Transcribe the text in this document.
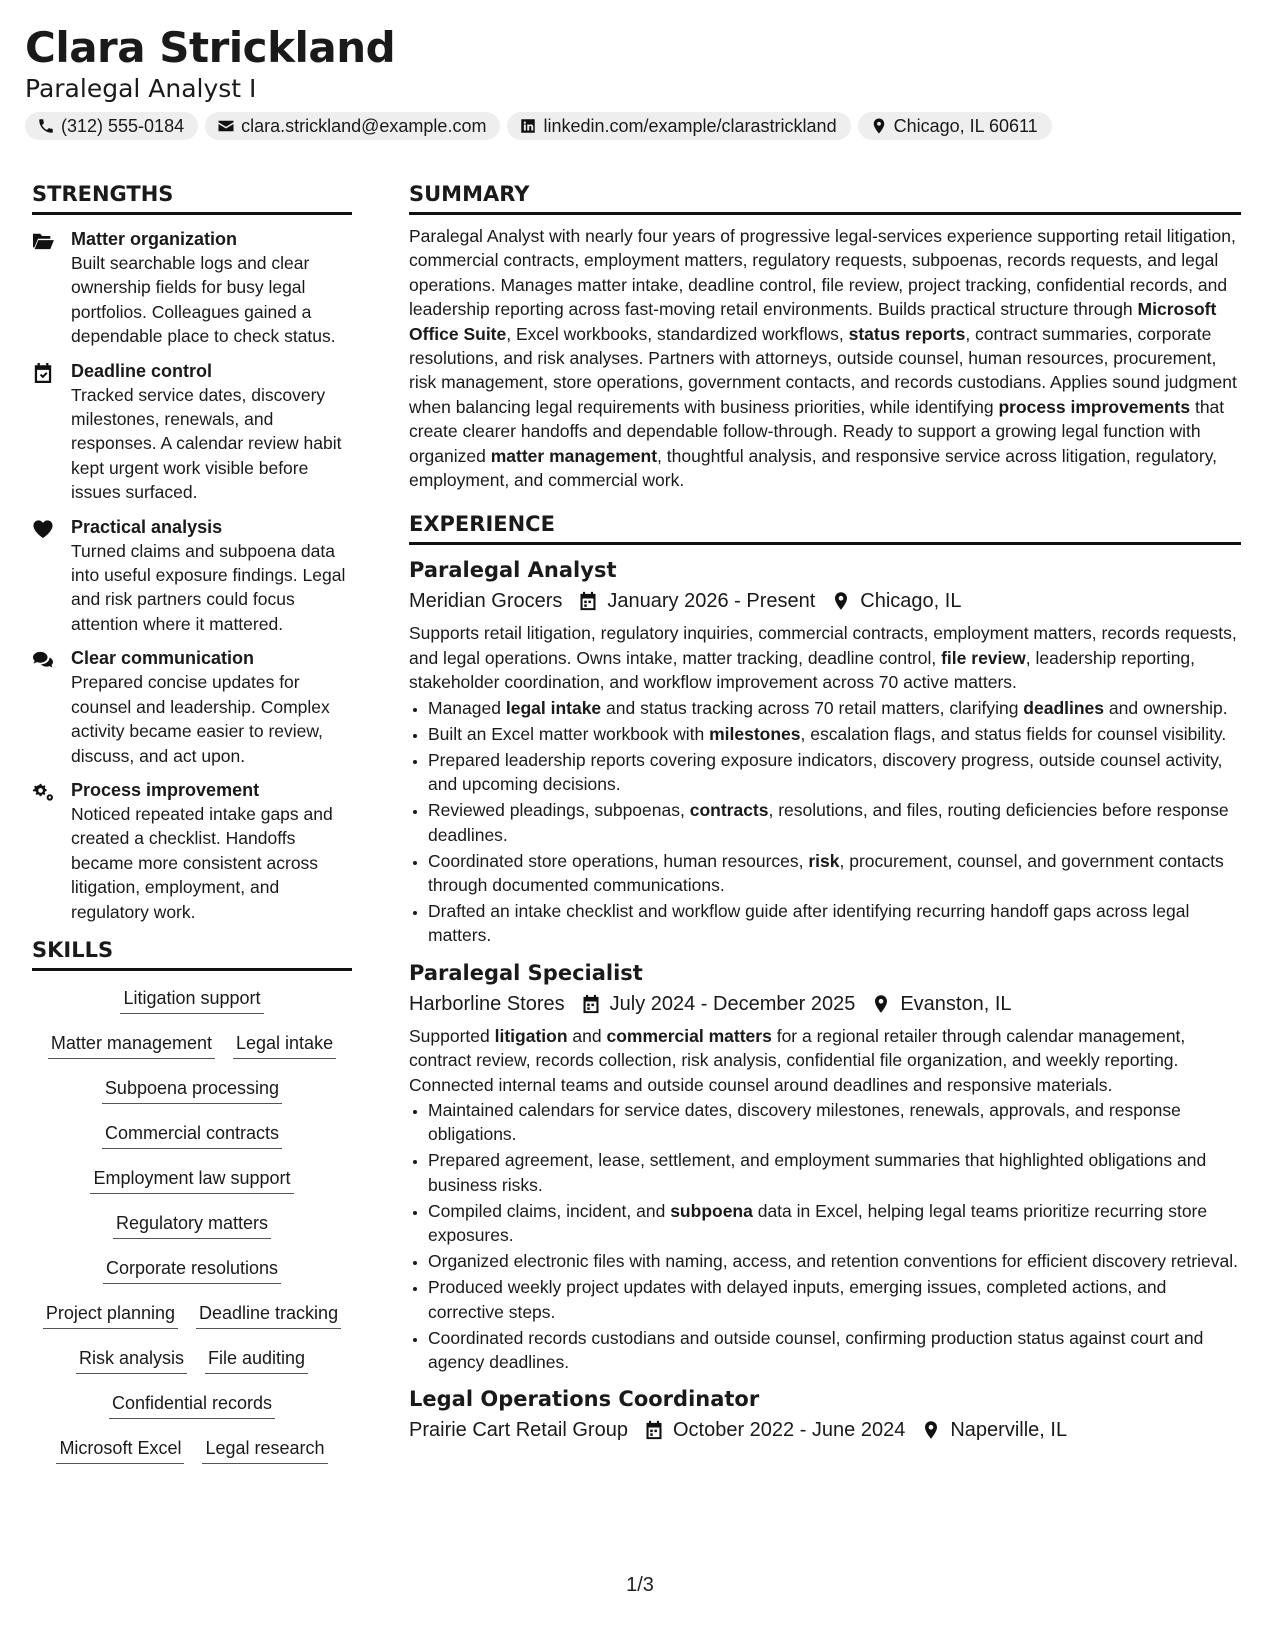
Clara Strickland
Paralegal Analyst I
(312) 555-0184	clara.strickland@example.com	linkedin.com/example/clarastrickland	Chicago, IL 60611
STRENGTHS
Matter organization
Built searchable logs and clear ownership fields for busy legal portfolios. Colleagues gained a dependable place to check status.
Deadline control
Tracked service dates, discovery milestones, renewals, and responses. A calendar review habit kept urgent work visible before issues surfaced.
Practical analysis
Turned claims and subpoena data into useful exposure findings. Legal and risk partners could focus attention where it mattered.
Clear communication
Prepared concise updates for counsel and leadership. Complex activity became easier to review, discuss, and act upon.
Process improvement
Noticed repeated intake gaps and created a checklist. Handoffs became more consistent across litigation, employment, and regulatory work.
SKILLS
Litigation support
Matter management Legal intake
Subpoena processing
Commercial contracts
Employment law support
Regulatory matters
Corporate resolutions
Project planning Deadline tracking
Risk analysis File auditing
Confidential records
Microsoft Excel Legal research
SUMMARY

Paralegal Analyst with nearly four years of progressive legal-services experience supporting retail litigation, commercial contracts, employment matters, regulatory requests, subpoenas, records requests, and legal operations. Manages matter intake, deadline control, file review, project tracking, confidential records, and leadership reporting across fast-moving retail environments. Builds practical structure through Microsoft Office Suite, Excel workbooks, standardized workflows, status reports, contract summaries, corporate resolutions, and risk analyses. Partners with attorneys, outside counsel, human resources, procurement, risk management, store operations, government contacts, and records custodians. Applies sound judgment when balancing legal requirements with business priorities, while identifying process improvements that create clearer handoffs and dependable follow-through. Ready to support a growing legal function with organized matter management, thoughtful analysis, and responsive service across litigation, regulatory, employment, and commercial work.

EXPERIENCE
Paralegal Analyst
Meridian Grocers January 2026 - Present Chicago, IL

Supports retail litigation, regulatory inquiries, commercial contracts, employment matters, records requests, and legal operations. Owns intake, matter tracking, deadline control, file review, leadership reporting, stakeholder coordination, and workflow improvement across 70 active matters.

• Managed legal intake and status tracking across 70 retail matters, clarifying deadlines and ownership.
• Built an Excel matter workbook with milestones, escalation flags, and status fields for counsel visibility.
• Prepared leadership reports covering exposure indicators, discovery progress, outside counsel activity, and upcoming decisions.
• Reviewed pleadings, subpoenas, contracts, resolutions, and files, routing deficiencies before response deadlines.
• Coordinated store operations, human resources, risk, procurement, counsel, and government contacts through documented communications.
• Drafted an intake checklist and workflow guide after identifying recurring handoff gaps across legal matters.
Paralegal Specialist
Harborline Stores July 2024 - December 2025 Evanston, IL

Supported litigation and commercial matters for a regional retailer through calendar management, contract review, records collection, risk analysis, confidential file organization, and weekly reporting. Connected internal teams and outside counsel around deadlines and responsive materials.

• Maintained calendars for service dates, discovery milestones, renewals, approvals, and response obligations.
• Prepared agreement, lease, settlement, and employment summaries that highlighted obligations and business risks.
• Compiled claims, incident, and subpoena data in Excel, helping legal teams prioritize recurring store exposures.
• Organized electronic files with naming, access, and retention conventions for efficient discovery retrieval.
• Produced weekly project updates with delayed inputs, emerging issues, completed actions, and corrective steps.
• Coordinated records custodians and outside counsel, confirming production status against court and agency deadlines.
Legal Operations Coordinator
Prairie Cart Retail Group October 2022 - June 2024 Naperville, IL
1/3
